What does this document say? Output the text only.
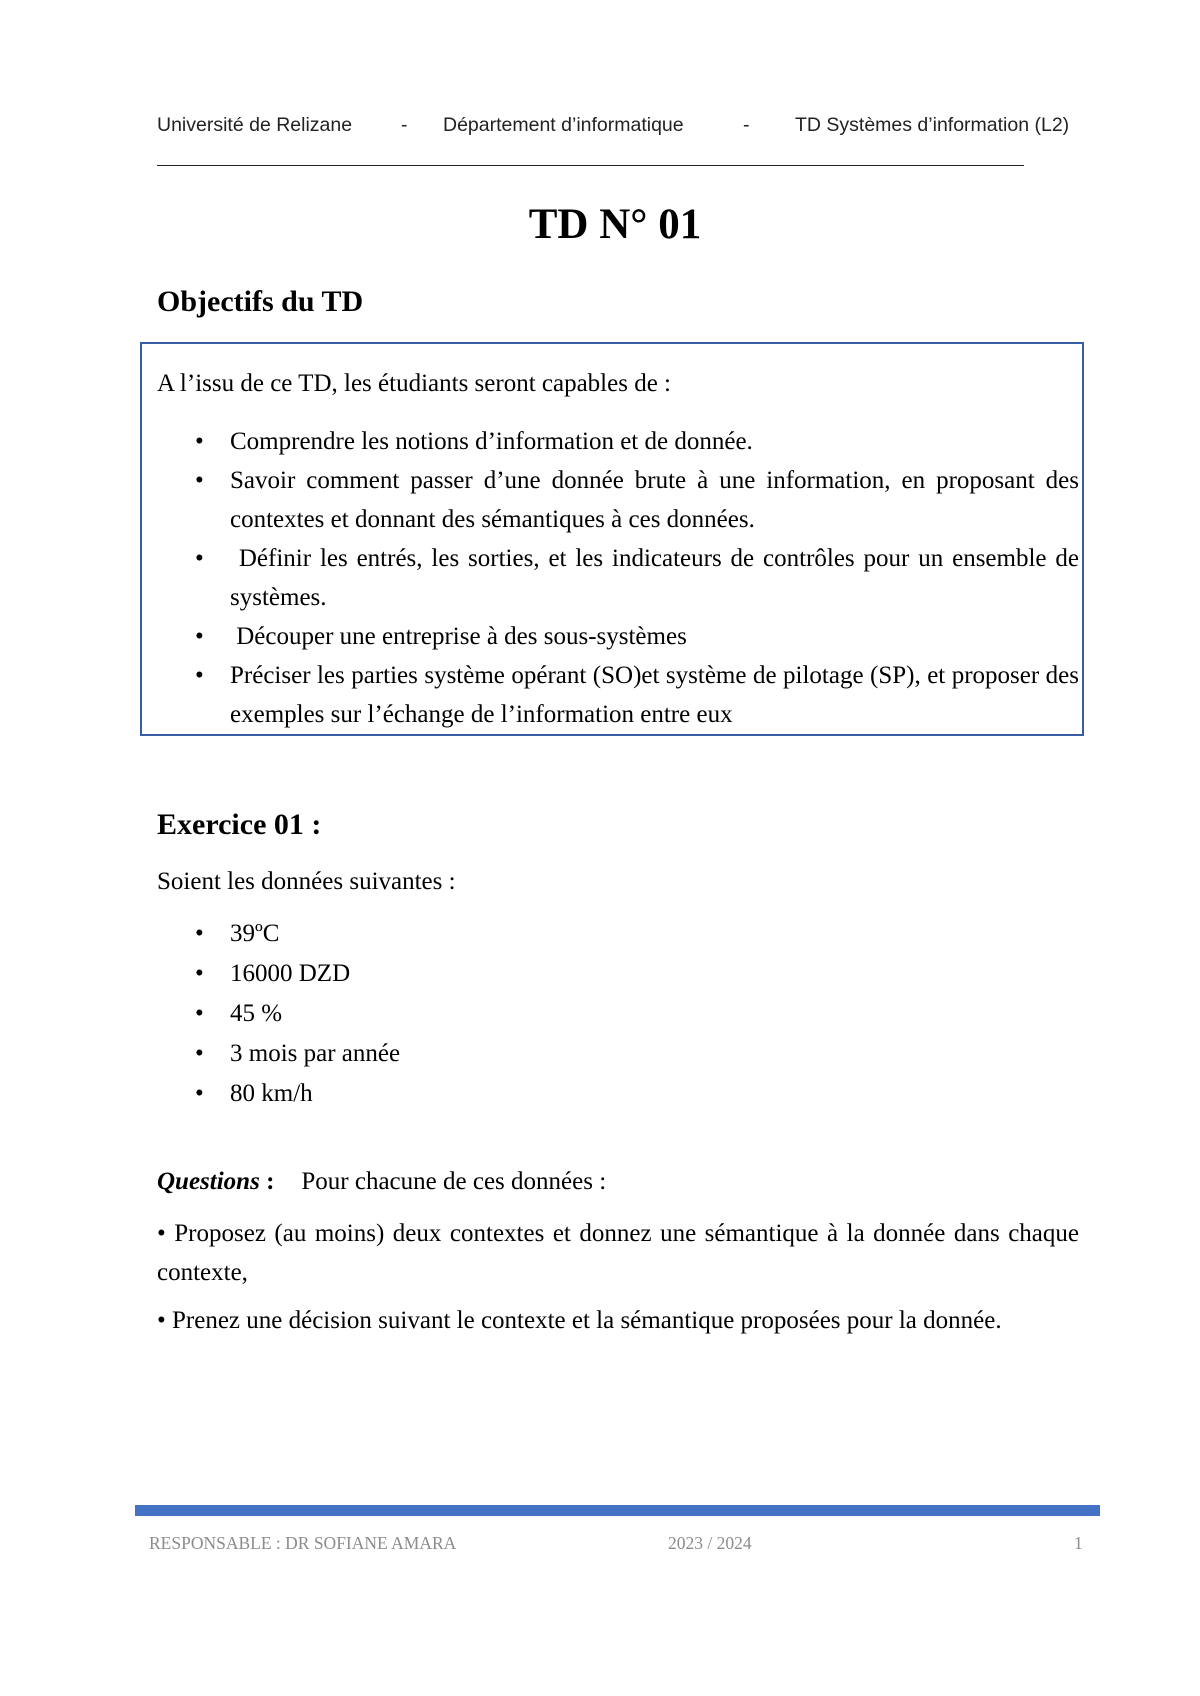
Université de Relizane	- Département d’informatique	- TD Systèmes d’information (L2)
TD N° 01
Objectifs du TD
A l’issu de ce TD, les étudiants seront capables de :
• Comprendre les notions d’information et de donnée.
• Savoir comment passer d’une donnée brute à une information, en proposant des contextes et donnant des sémantiques à ces données.
• Définir les entrés, les sorties, et les indicateurs de contrôles pour un ensemble de systèmes.
• Découper une entreprise à des sous-systèmes
• Préciser les parties système opérant (SO)et système de pilotage (SP), et proposer des exemples sur l’échange de l’information entre eux
Exercice 01 :
Soient les données suivantes :
• 39ºC
• 16000 DZD
• 45 %
• 3 mois par année
• 80 km/h
Questions : Pour chacune de ces données :
• Proposez (au moins) deux contextes et donnez une sémantique à la donnée dans chaque contexte,
• Prenez une décision suivant le contexte et la sémantique proposées pour la donnée.
RESPONSABLE : DR SOFIANE AMARA	2023 / 2024	1
